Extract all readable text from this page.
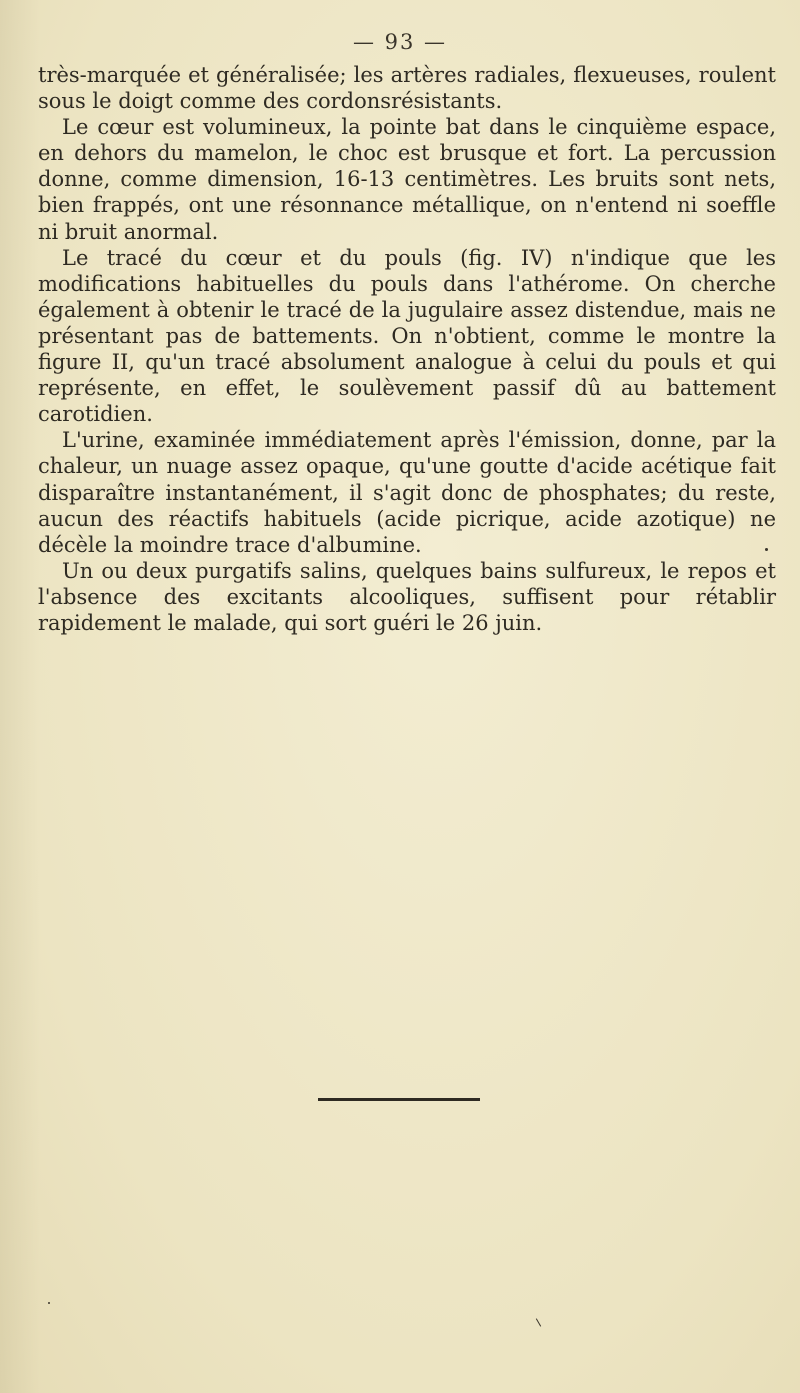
— 93 —

très-marquée et généralisée; les artères radiales, flexueuses, roulent sous le doigt comme des cordonsrésistants.

Le cœur est volumineux, la pointe bat dans le cinquième espace, en dehors du mamelon, le choc est brusque et fort. La percussion donne, comme dimension, 16-13 centimètres. Les bruits sont nets, bien frappés, ont une résonnance métallique, on n'entend ni soeffle ni bruit anormal.

Le tracé du cœur et du pouls (fig. IV) n'indique que les modifications habituelles du pouls dans l'athérome. On cherche également à obtenir le tracé de la jugulaire assez distendue, mais ne présentant pas de battements. On n'obtient, comme le montre la figure II, qu'un tracé absolument analogue à celui du pouls et qui représente, en effet, le soulèvement passif dû au battement carotidien.

L'urine, examinée immédiatement après l'émission, donne, par la chaleur, un nuage assez opaque, qu'une goutte d'acide acétique fait disparaître instantanément, il s'agit donc de phosphates; du reste, aucun des réactifs habituels (acide picrique, acide azotique) ne décèle la moindre trace d'albumine.

Un ou deux purgatifs salins, quelques bains sulfureux, le repos et l'absence des excitants alcooliques, suffisent pour rétablir rapidement le malade, qui sort guéri le 26 juin.
